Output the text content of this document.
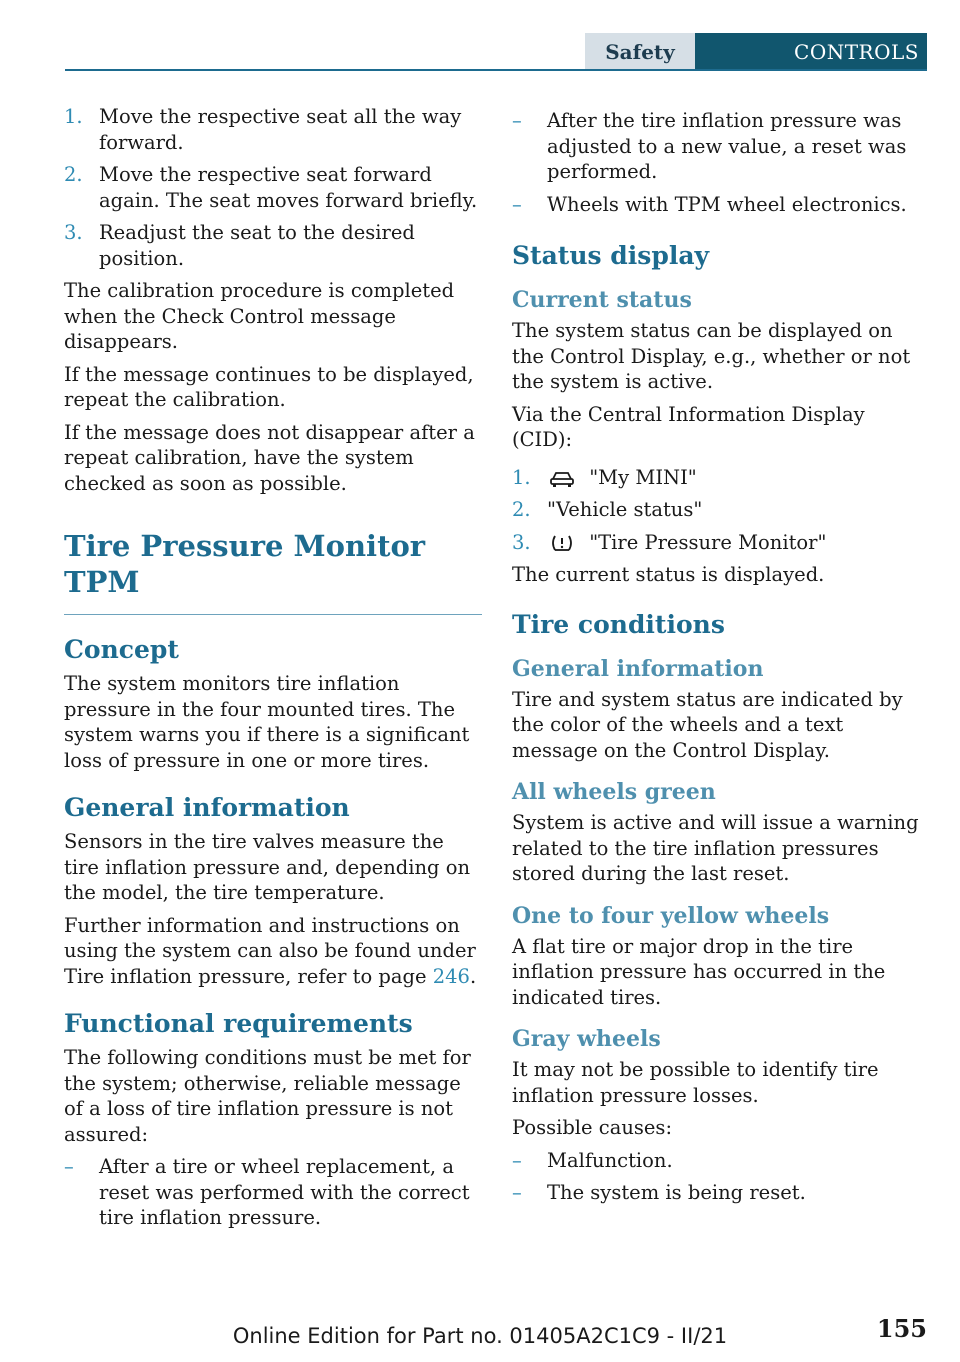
Safety	CONTROLS
1. Move the respective seat all the way forward.
2. Move the respective seat forward again. The seat moves forward briefly.
3. Readjust the seat to the desired position.

The calibration procedure is completed when the Check Control message disappears.

If the message continues to be displayed, repeat the calibration.

If the message does not disappear after a repeat calibration, have the system checked as soon as possible.

Tire Pressure Monitor TPM
Concept

The system monitors tire inflation pressure in the four mounted tires. The system warns you if there is a significant loss of pressure in one or more tires.

General information

Sensors in the tire valves measure the tire inflation pressure and, depending on the model, the tire temperature.

Further information and instructions on using the system can also be found under Tire inflation pressure, refer to page 246.

Functional requirements

The following conditions must be met for the system; otherwise, reliable message of a loss of tire inflation pressure is not assured:

– After a tire or wheel replacement, a reset was performed with the correct tire inflation pressure.
– After the tire inflation pressure was adjusted to a new value, a reset was performed.
– Wheels with TPM wheel electronics.
Status display
Current status

The system status can be displayed on the Control Display, e.g., whether or not the system is active.

Via the Central Information Display (CID):

1.	"My MINI"
2. "Vehicle status"
3.	"Tire Pressure Monitor"

The current status is displayed.

Tire conditions
General information

Tire and system status are indicated by the color of the wheels and a text message on the Control Display.

All wheels green

System is active and will issue a warning related to the tire inflation pressures stored during the last reset.

One to four yellow wheels

A flat tire or major drop in the tire inflation pressure has occurred in the indicated tires.

Gray wheels

It may not be possible to identify tire inflation pressure losses.

Possible causes:

– Malfunction.
– The system is being reset.
155
Online Edition for Part no. 01405A2C1C9 - II/21
